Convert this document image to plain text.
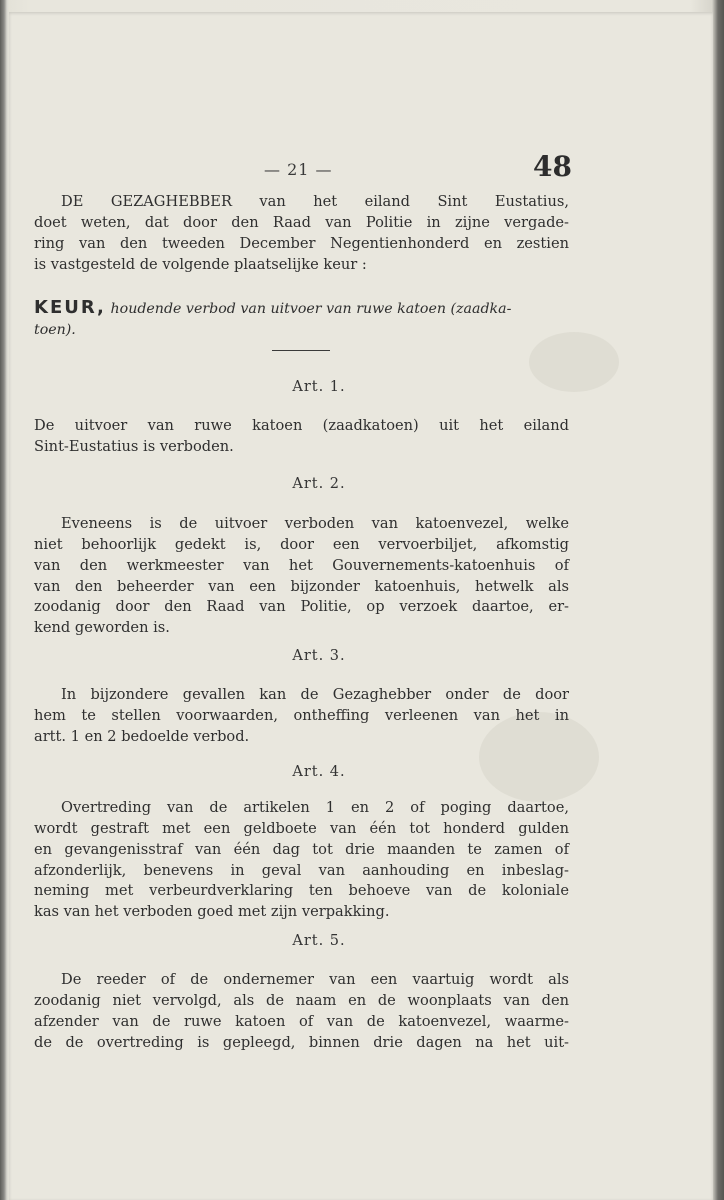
— 21 —	48
DE GEZAGHEBBER van het eiland Sint Eustatius,
doet weten, dat door den Raad van Politie in zijne vergade-
ring van den tweeden December Negentienhonderd en zestien
is vastgesteld de volgende plaatselijke keur :
KEUR, houdende verbod van uitvoer van ruwe katoen (zaadka-
toen).
Art. 1.
De uitvoer van ruwe katoen (zaadkatoen) uit het eiland
Sint-Eustatius is verboden.
Art. 2.
Eveneens is de uitvoer verboden van katoenvezel, welke
niet behoorlijk gedekt is, door een vervoerbiljet, afkomstig
van den werkmeester van het Gouvernements-katoenhuis of
van den beheerder van een bijzonder katoenhuis, hetwelk als
zoodanig door den Raad van Politie, op verzoek daartoe, er-
kend geworden is.
Art. 3.
In bijzondere gevallen kan de Gezaghebber onder de door
hem te stellen voorwaarden, ontheffing verleenen van het in
artt. 1 en 2 bedoelde verbod.
Art. 4.
Overtreding van de artikelen 1 en 2 of poging daartoe,
wordt gestraft met een geldboete van één tot honderd gulden
en gevangenisstraf van één dag tot drie maanden te zamen of
afzonderlijk, benevens in geval van aanhouding en inbeslag-
neming met verbeurdverklaring ten behoeve van de koloniale
kas van het verboden goed met zijn verpakking.
Art. 5.
De reeder of de ondernemer van een vaartuig wordt als
zoodanig niet vervolgd, als de naam en de woonplaats van den
afzender van de ruwe katoen of van de katoenvezel, waarme-
de de overtreding is gepleegd, binnen drie dagen na het uit-
